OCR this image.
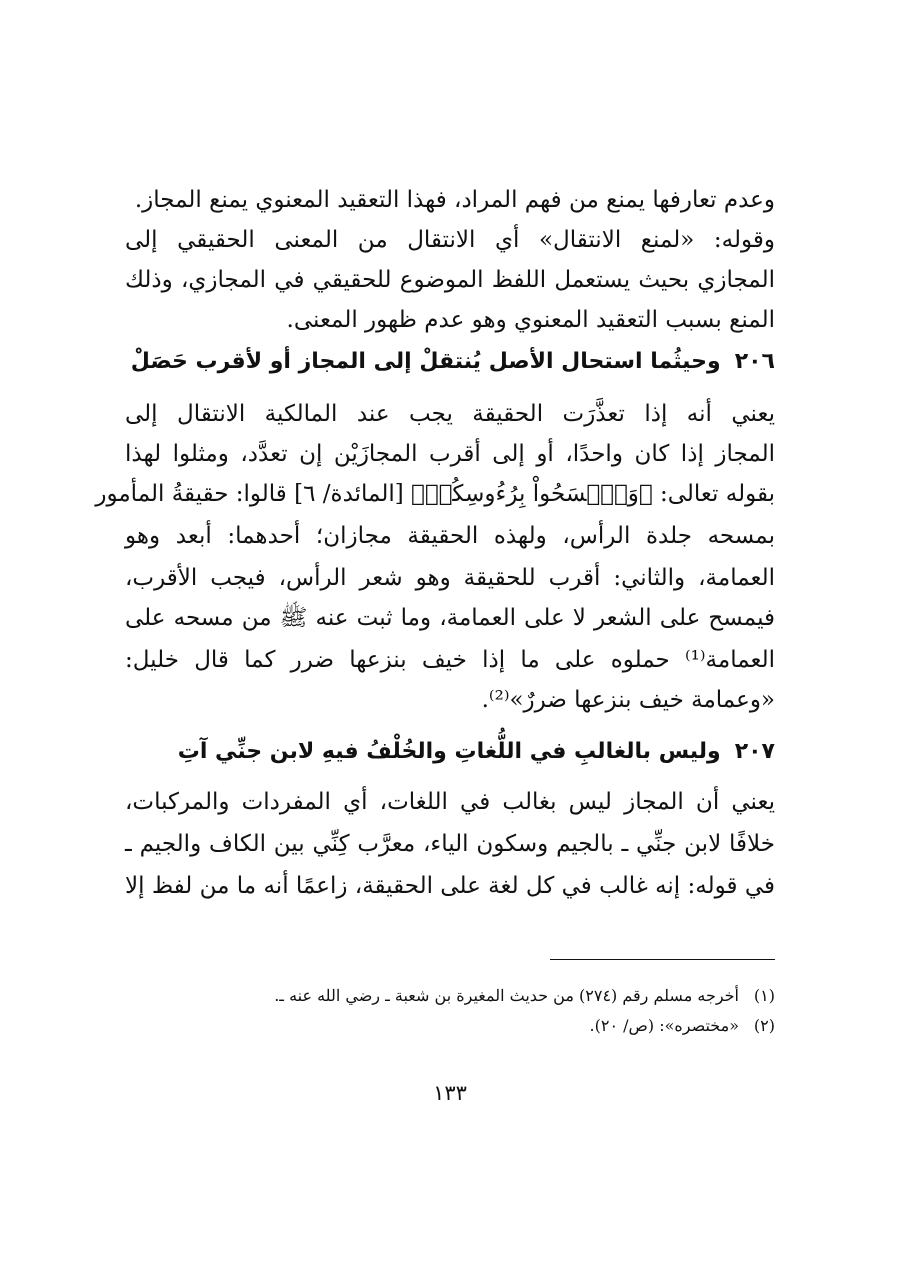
وعدم تعارفها يمنع من فهم المراد، فهذا التعقيد المعنوي يمنع المجاز.
وقوله: «لمنع الانتقال» أي الانتقال من المعنى الحقيقي إلى
المجازي بحيث يستعمل اللفظ الموضوع للحقيقي في المجازي، وذلك
المنع بسبب التعقيد المعنوي وهو عدم ظهور المعنى.
٢٠٦وحيثُما استحال الأصل يُنتقلْ إلى المجاز أو لأقرب حَصَلْ
يعني أنه إذا تعذَّرَت الحقيقة يجب عند المالكية الانتقال إلى
المجاز إذا كان واحدًا، أو إلى أقرب المجازَيْن إن تعدَّد، ومثلوا لهذا
بقوله تعالى: ﴿وَٱمۡسَحُواْ بِرُءُوسِكُمۡ﴾ [المائدة/ ٦] قالوا: حقيقةُ المأمور
بمسحه جلدة الرأس، ولهذه الحقيقة مجازان؛ أحدهما: أبعد وهو
العمامة، والثاني: أقرب للحقيقة وهو شعر الرأس، فيجب الأقرب،
فيمسح على الشعر لا على العمامة، وما ثبت عنه ﷺ من مسحه على
العمامة⁽¹⁾ حملوه على ما إذا خيف بنزعها ضرر كما قال خليل:
«وعمامة خيف بنزعها ضررٌ»⁽²⁾.
٢٠٧وليس بالغالبِ في اللُّغاتِ والخُلْفُ فيهِ لابن جنِّي آتِ
يعني أن المجاز ليس بغالب في اللغات، أي المفردات والمركبات،
خلافًا لابن جنِّي ـ بالجيم وسكون الياء، معرَّب كِنِّي بين الكاف والجيم ـ
في قوله: إنه غالب في كل لغة على الحقيقة، زاعمًا أنه ما من لفظ إلا
(١)أخرجه مسلم رقم (٢٧٤) من حديث المغيرة بن شعبة ـ رضي الله عنه ـ.
(٢)«مختصره»: (ص/ ٢٠).
١٣٣
